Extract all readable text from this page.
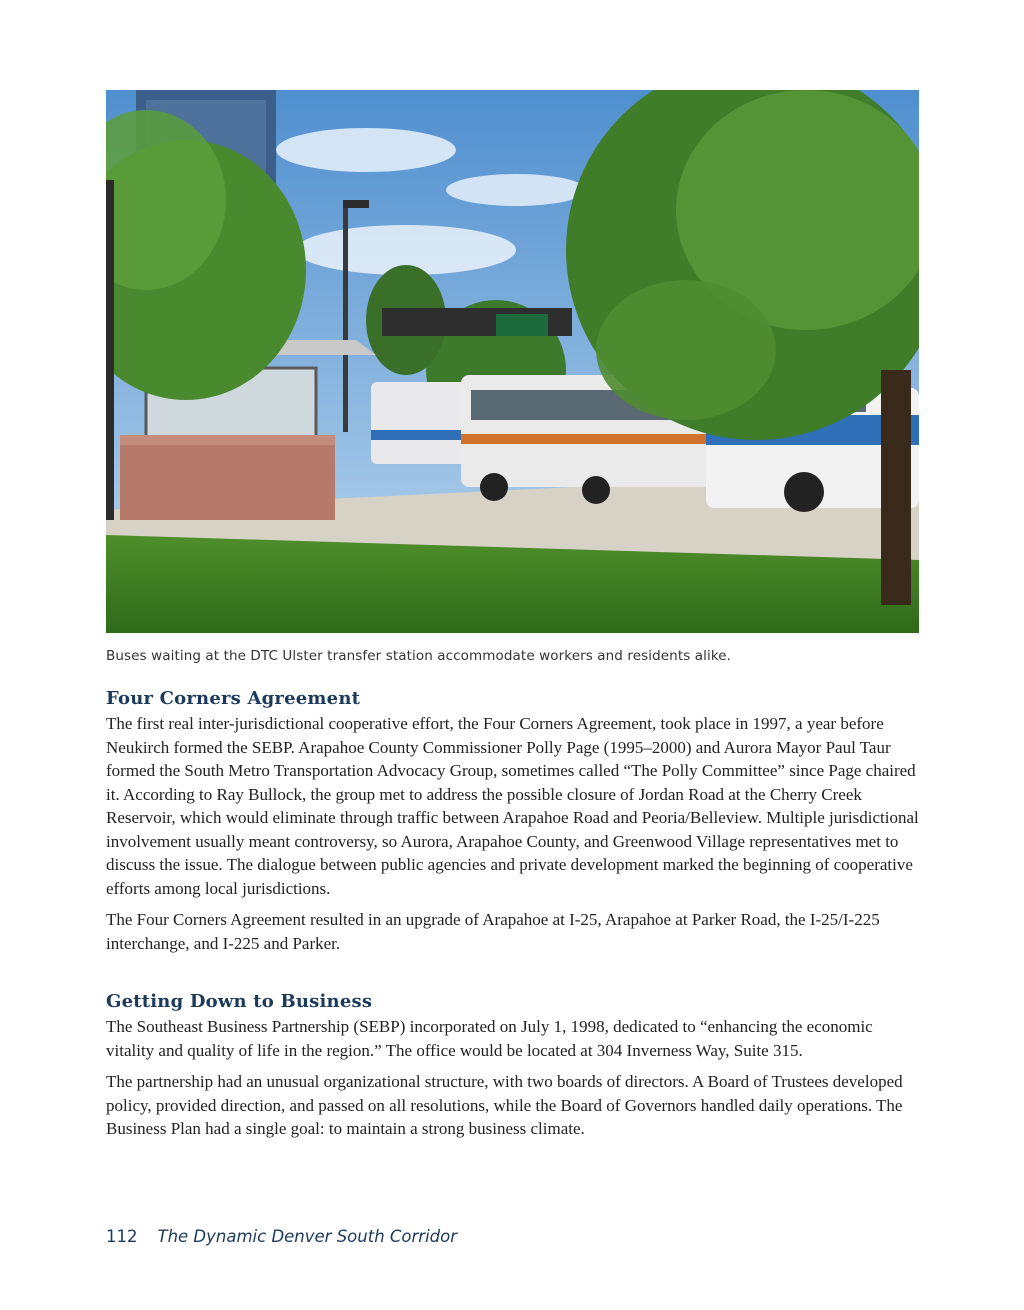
Buses waiting at the DTC Ulster transfer station accommodate workers and residents alike.
Four Corners Agreement

The first real inter-jurisdictional cooperative effort, the Four Corners Agreement, took place in 1997, a year before Neukirch formed the SEBP. Arapahoe County Commissioner Polly Page (1995–2000) and Aurora Mayor Paul Taur formed the South Metro Transportation Advocacy Group, sometimes called “The Polly Committee” since Page chaired it. According to Ray Bullock, the group met to address the possible closure of Jordan Road at the Cherry Creek Reservoir, which would eliminate through traffic between Arapahoe Road and Peoria/Belleview. Multiple jurisdictional involvement usually meant controversy, so Aurora, Arapahoe County, and Greenwood Village representatives met to discuss the issue. The dialogue between public agencies and private development marked the beginning of cooperative efforts among local jurisdictions.

The Four Corners Agreement resulted in an upgrade of Arapahoe at I-25, Arapahoe at Parker Road, the I-25/I-225 interchange, and I-225 and Parker.

Getting Down to Business

The Southeast Business Partnership (SEBP) incorporated on July 1, 1998, dedicated to “enhancing the economic vitality and quality of life in the region.” The office would be located at 304 Inverness Way, Suite 315.

The partnership had an unusual organizational structure, with two boards of directors. A Board of Trustees developed policy, provided direction, and passed on all resolutions, while the Board of Governors handled daily operations. The Business Plan had a single goal: to maintain a strong business climate.

112 The Dynamic Denver South Corridor
